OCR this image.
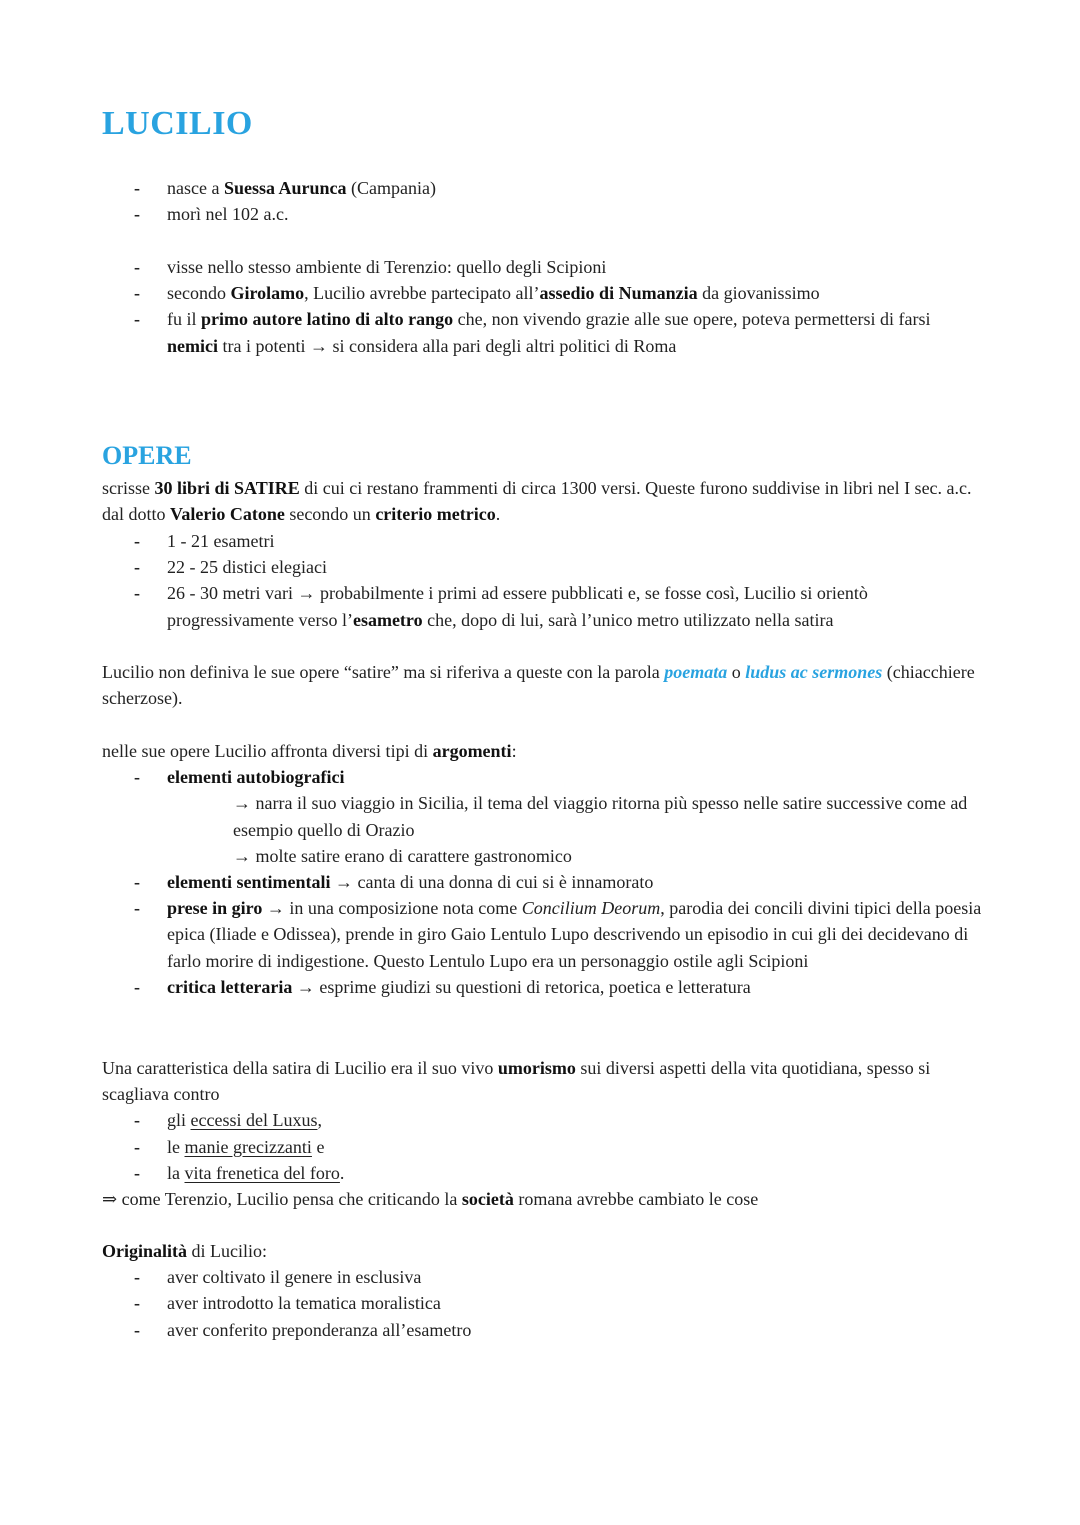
LUCILIO

- nasce a Suessa Aurunca (Campania)

- morì nel 102 a.c.

- visse nello stesso ambiente di Terenzio: quello degli Scipioni

- secondo Girolamo, Lucilio avrebbe partecipato all’assedio di Numanzia da giovanissimo

- fu il primo autore latino di alto rango che, non vivendo grazie alle sue opere, poteva permettersi di farsi nemici tra i potenti → si considera alla pari degli altri politici di Roma

OPERE

scrisse 30 libri di SATIRE di cui ci restano frammenti di circa 1300 versi. Queste furono suddivise in libri nel I sec. a.c. dal dotto Valerio Catone secondo un criterio metrico.

- 1 - 21 esametri

- 22 - 25 distici elegiaci

- 26 - 30 metri vari → probabilmente i primi ad essere pubblicati e, se fosse così, Lucilio si orientò progressivamente verso l’esametro che, dopo di lui, sarà l’unico metro utilizzato nella satira

Lucilio non definiva le sue opere “satire” ma si riferiva a queste con la parola poemata o ludus ac sermones (chiacchiere scherzose).

nelle sue opere Lucilio affronta diversi tipi di argomenti:

- elementi autobiografici

→ narra il suo viaggio in Sicilia, il tema del viaggio ritorna più spesso nelle satire successive come ad esempio quello di Orazio

→ molte satire erano di carattere gastronomico

- elementi sentimentali → canta di una donna di cui si è innamorato

- prese in giro → in una composizione nota come Concilium Deorum, parodia dei concili divini tipici della poesia epica (Iliade e Odissea), prende in giro Gaio Lentulo Lupo descrivendo un episodio in cui gli dei decidevano di farlo morire di indigestione. Questo Lentulo Lupo era un personaggio ostile agli Scipioni

- critica letteraria → esprime giudizi su questioni di retorica, poetica e letteratura

Una caratteristica della satira di Lucilio era il suo vivo umorismo sui diversi aspetti della vita quotidiana, spesso si scagliava contro

- gli eccessi del Luxus,

- le manie grecizzanti e

- la vita frenetica del foro.

⇒ come Terenzio, Lucilio pensa che criticando la società romana avrebbe cambiato le cose

Originalità di Lucilio:

- aver coltivato il genere in esclusiva

- aver introdotto la tematica moralistica

- aver conferito preponderanza all’esametro
